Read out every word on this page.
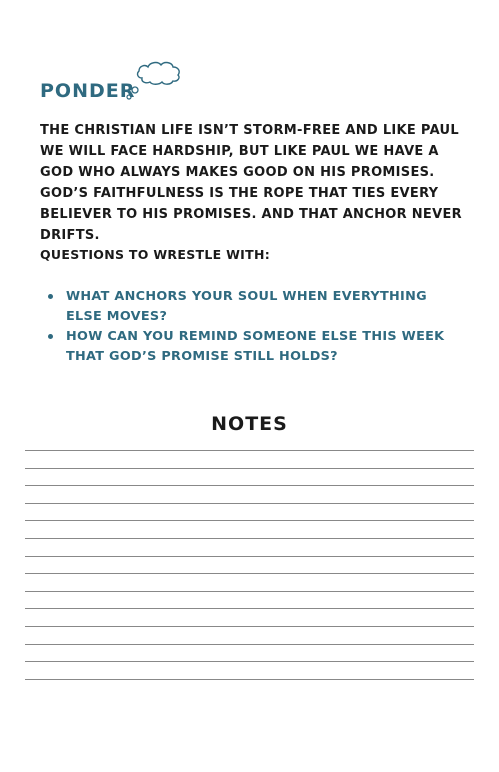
PONDER
THE CHRISTIAN LIFE ISN’T STORM-FREE AND LIKE PAUL WE WILL FACE HARDSHIP, BUT LIKE PAUL WE HAVE A GOD WHO ALWAYS MAKES GOOD ON HIS PROMISES. GOD’S FAITHFULNESS IS THE ROPE THAT TIES EVERY BELIEVER TO HIS PROMISES. AND THAT ANCHOR NEVER DRIFTS.
QUESTIONS TO WRESTLE WITH:
WHAT ANCHORS YOUR SOUL WHEN EVERYTHING ELSE MOVES?
HOW CAN YOU REMIND SOMEONE ELSE THIS WEEK THAT GOD’S PROMISE STILL HOLDS?
NOTES
